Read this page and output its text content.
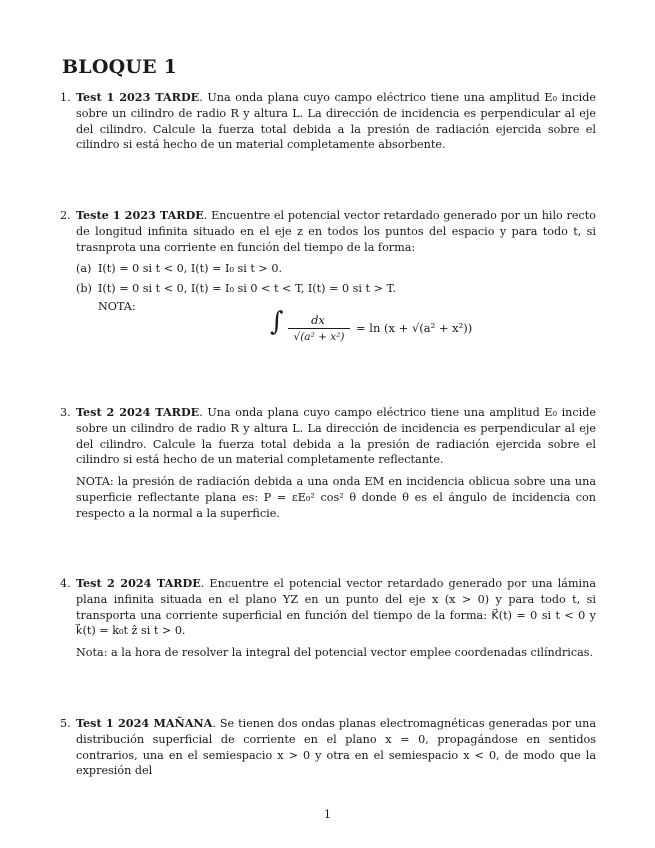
BLOQUE 1
1. Test 1 2023 TARDE. Una onda plana cuyo campo eléctrico tiene una amplitud E₀ incide sobre un cilindro de radio R y altura L. La dirección de incidencia es perpendicular al eje del cilindro. Calcule la fuerza total debida a la presión de radiación ejercida sobre el cilindro si está hecho de un material completamente absorbente.

2. Teste 1 2023 TARDE. Encuentre el potencial vector retardado generado por un hilo recto de longitud infinita situado en el eje z en todos los puntos del espacio y para todo t, si trasnprota una corriente en función del tiempo de la forma:

(a) I(t) = 0 si t < 0, I(t) = I₀ si t > 0.
(b) I(t) = 0 si t < 0, I(t) = I₀ si 0 < t < T, I(t) = 0 si t > T.
NOTA:
∫	dx
√(a² + x²)
= ln (x + √(a² + x²))
3. Test 2 2024 TARDE. Una onda plana cuyo campo eléctrico tiene una amplitud E₀ incide sobre un cilindro de radio R y altura L. La dirección de incidencia es perpendicular al eje del cilindro. Calcule la fuerza total debida a la presión de radiación ejercida sobre el cilindro si está hecho de un material completamente reflectante.

NOTA: la presión de radiación debida a una onda EM en incidencia oblicua sobre una una superficie reflectante plana es: P = εE₀² cos² θ donde θ es el ángulo de incidencia con respecto a la normal a la superficie.

4. Test 2 2024 TARDE. Encuentre el potencial vector retardado generado por una lámina plana infinita situada en el plano YZ en un punto del eje x (x > 0) y para todo t, si transporta una corriente superficial en función del tiempo de la forma: K⃗(t) = 0 si t < 0 y k⃗(t) = k₀t ẑ si t > 0.

Nota: a la hora de resolver la integral del potencial vector emplee coordenadas cilíndricas.

5. Test 1 2024 MAÑANA. Se tienen dos ondas planas electromagnéticas generadas por una distribución superficial de corriente en el plano x = 0, propagándose en sentidos contrarios, una en el semiespacio x > 0 y otra en el semiespacio x < 0, de modo que la expresión del

1
